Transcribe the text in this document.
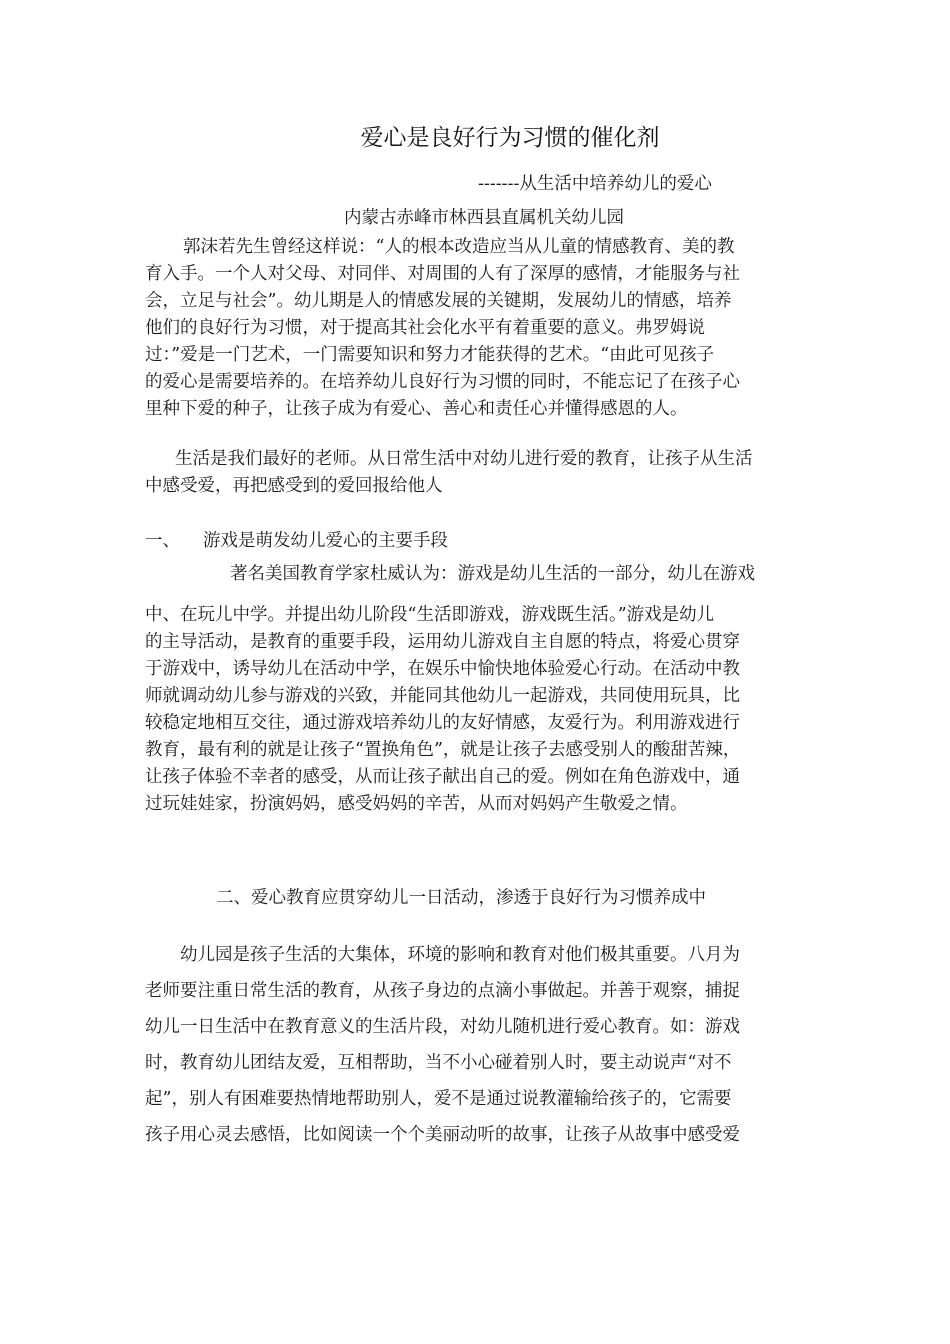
爱心是良好行为习惯的催化剂
-------从生活中培养幼儿的爱心
内蒙古赤峰市林西县直属机关幼儿园
郭沫若先生曾经这样说：“人的根本改造应当从儿童的情感教育、美的教
育入手。一个人对父母、对同伴、对周围的人有了深厚的感情，才能服务与社
会，立足与社会”。幼儿期是人的情感发展的关键期，发展幼儿的情感，培养
他们的良好行为习惯，对于提高其社会化水平有着重要的意义。弗罗姆说
过：”爱是一门艺术，一门需要知识和努力才能获得的艺术。“由此可见孩子
的爱心是需要培养的。在培养幼儿良好行为习惯的同时，不能忘记了在孩子心
里种下爱的种子，让孩子成为有爱心、善心和责任心并懂得感恩的人。
生活是我们最好的老师。从日常生活中对幼儿进行爱的教育，让孩子从生活
中感受爱，再把感受到的爱回报给他人
一、 游戏是萌发幼儿爱心的主要手段
著名美国教育学家杜威认为：游戏是幼儿生活的一部分，幼儿在游戏
中、在玩儿中学。并提出幼儿阶段“生活即游戏，游戏既生活。”游戏是幼儿
的主导活动，是教育的重要手段，运用幼儿游戏自主自愿的特点，将爱心贯穿
于游戏中，诱导幼儿在活动中学，在娱乐中愉快地体验爱心行动。在活动中教
师就调动幼儿参与游戏的兴致，并能同其他幼儿一起游戏，共同使用玩具，比
较稳定地相互交往，通过游戏培养幼儿的友好情感，友爱行为。利用游戏进行
教育，最有利的就是让孩子“置换角色”，就是让孩子去感受别人的酸甜苦辣，
让孩子体验不幸者的感受，从而让孩子献出自己的爱。例如在角色游戏中，通
过玩娃娃家，扮演妈妈，感受妈妈的辛苦，从而对妈妈产生敬爱之情。
二、爱心教育应贯穿幼儿一日活动，渗透于良好行为习惯养成中
幼儿园是孩子生活的大集体，环境的影响和教育对他们极其重要。八月为
老师要注重日常生活的教育，从孩子身边的点滴小事做起。并善于观察，捕捉
幼儿一日生活中在教育意义的生活片段，对幼儿随机进行爱心教育。如：游戏
时，教育幼儿团结友爱，互相帮助，当不小心碰着别人时，要主动说声“对不
起”，别人有困难要热情地帮助别人，爱不是通过说教灌输给孩子的，它需要
孩子用心灵去感悟，比如阅读一个个美丽动听的故事，让孩子从故事中感受爱
